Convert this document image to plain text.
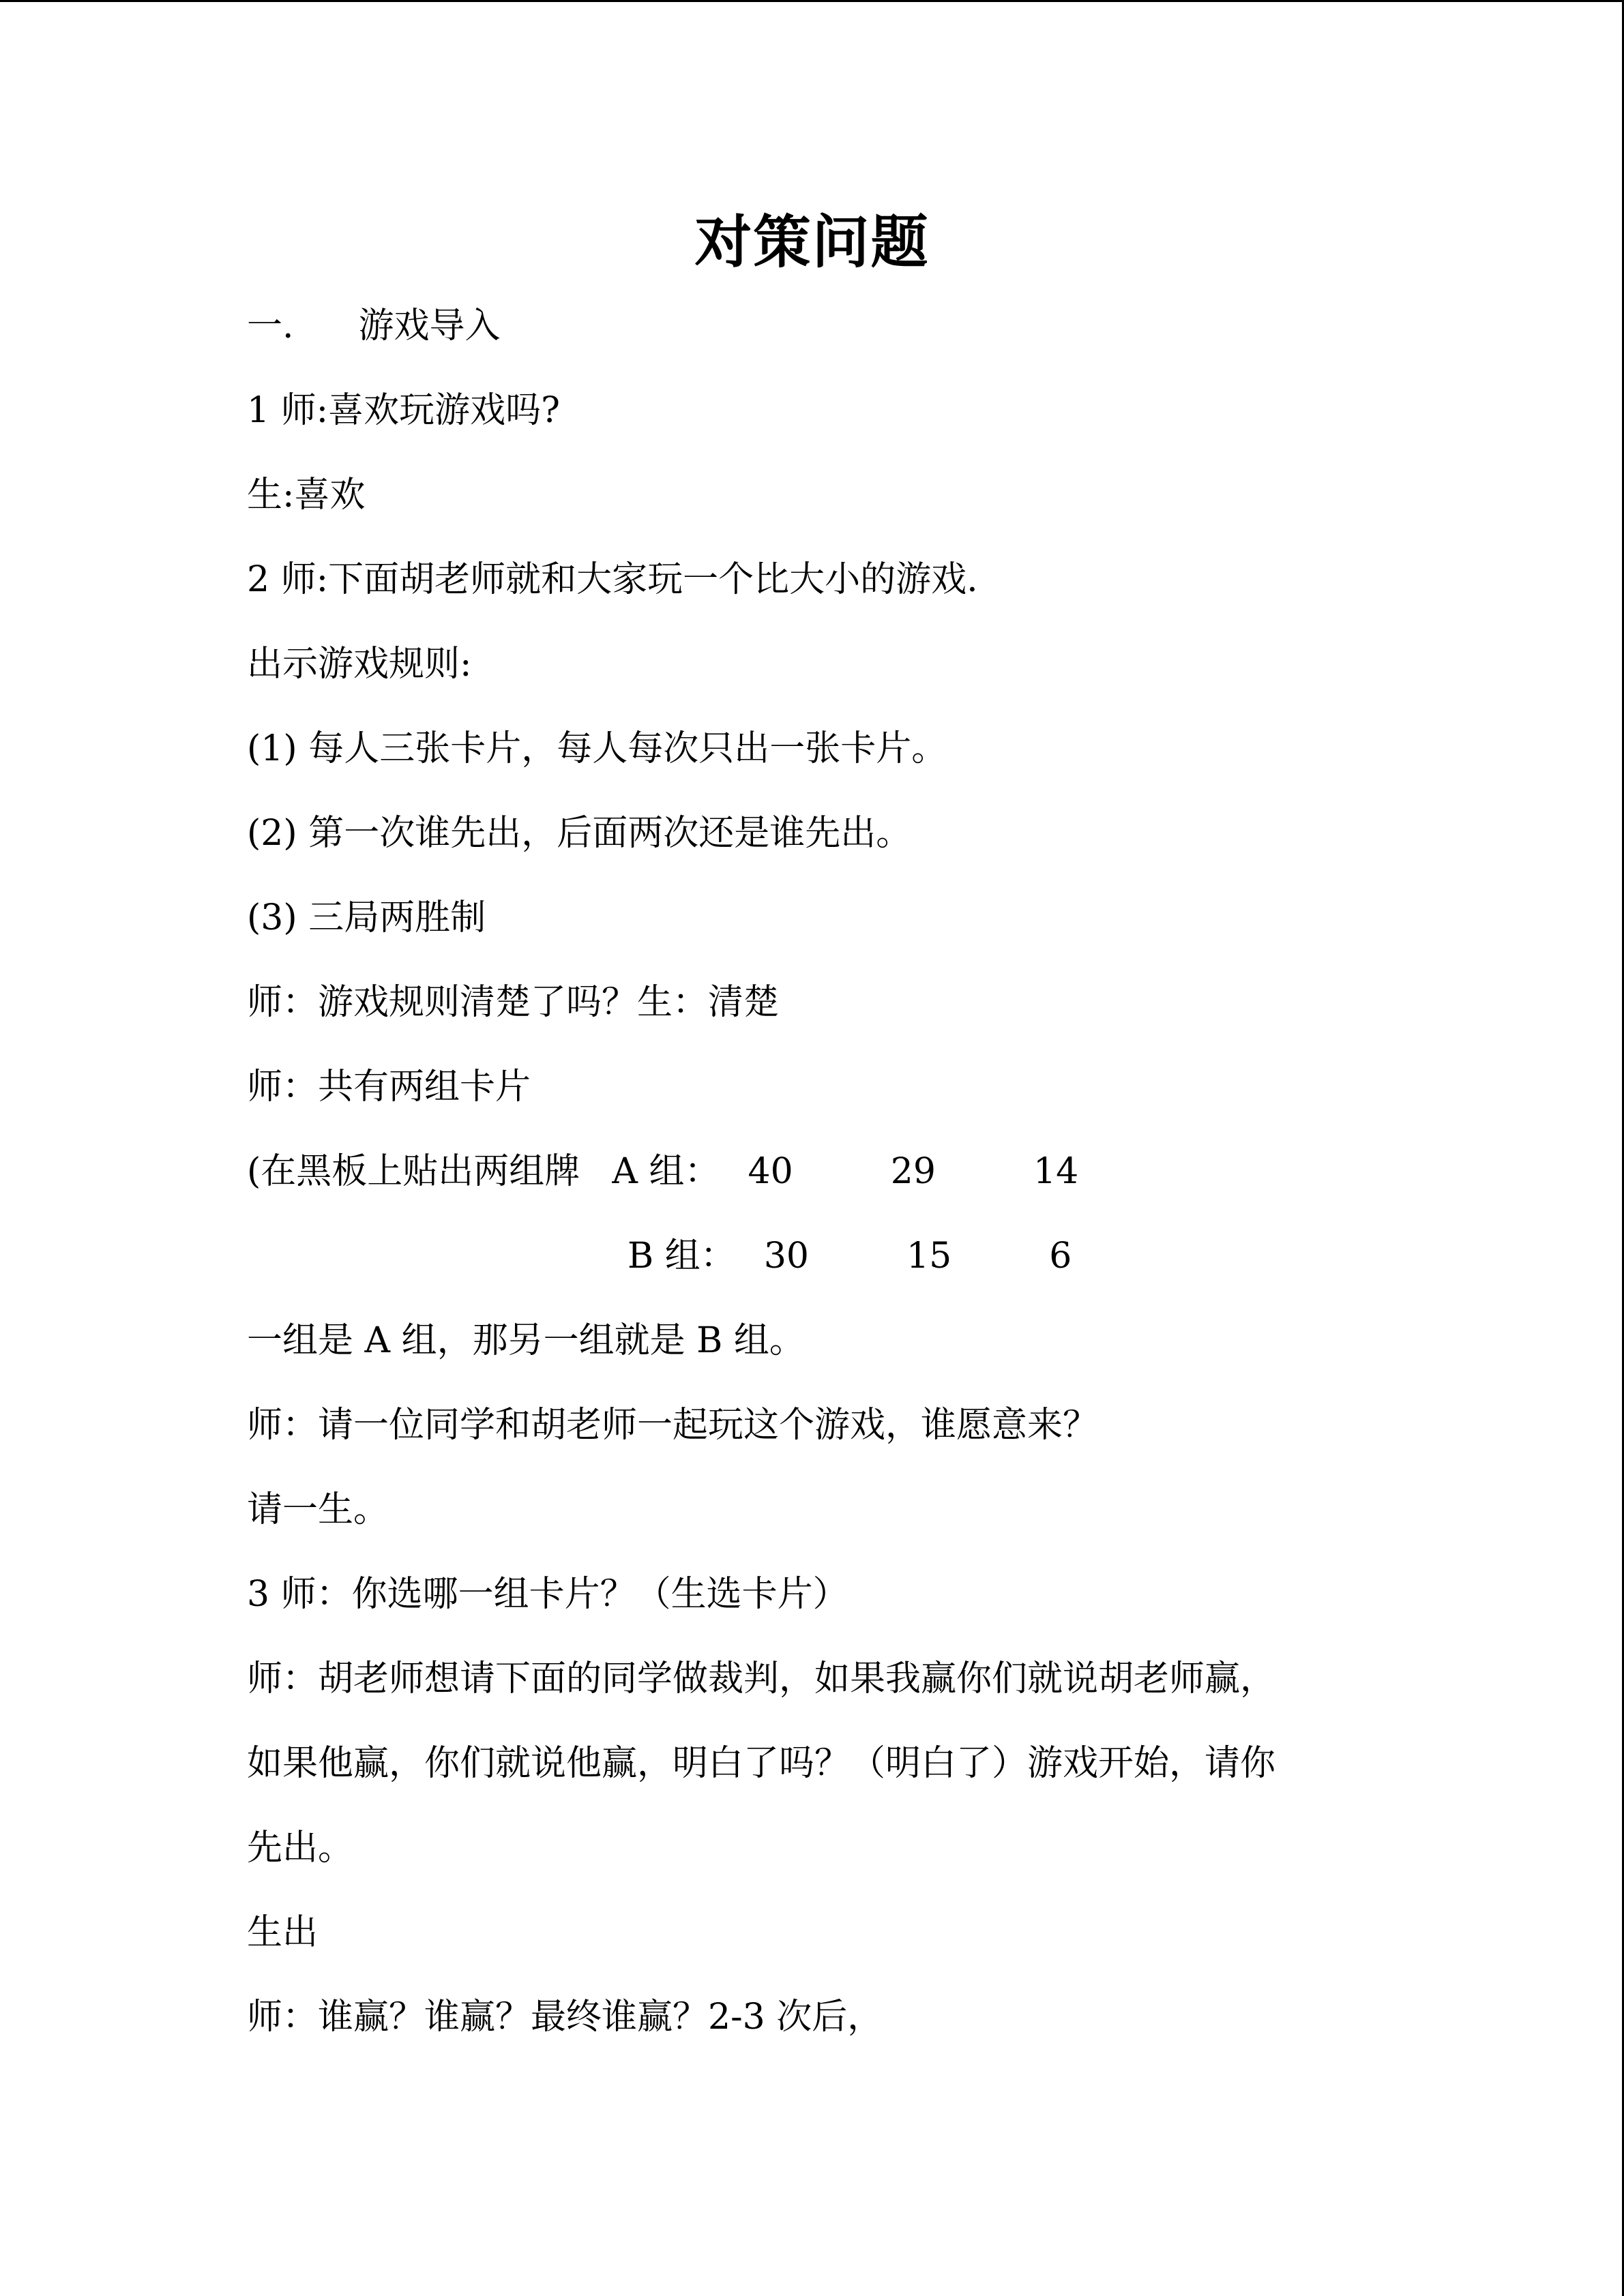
对策问题
一. 游戏导入
1 师:喜欢玩游戏吗?
生:喜欢
2 师:下面胡老师就和大家玩一个比大小的游戏.
出示游戏规则:
(1) 每人三张卡片，每人每次只出一张卡片。
(2) 第一次谁先出，后面两次还是谁先出。
(3) 三局两胜制
师：游戏规则清楚了吗？生：清楚
师：共有两组卡片
(在黑板上贴出两组牌 A 组： 40	29	14
B 组： 30	15	6
一组是 A 组，那另一组就是 B 组。
师：请一位同学和胡老师一起玩这个游戏，谁愿意来？
请一生。
3 师：你选哪一组卡片？（生选卡片）
师：胡老师想请下面的同学做裁判，如果我赢你们就说胡老师赢，
如果他赢，你们就说他赢，明白了吗？（明白了）游戏开始，请你
先出。
生出
师：谁赢？谁赢？最终谁赢？2-3 次后，
